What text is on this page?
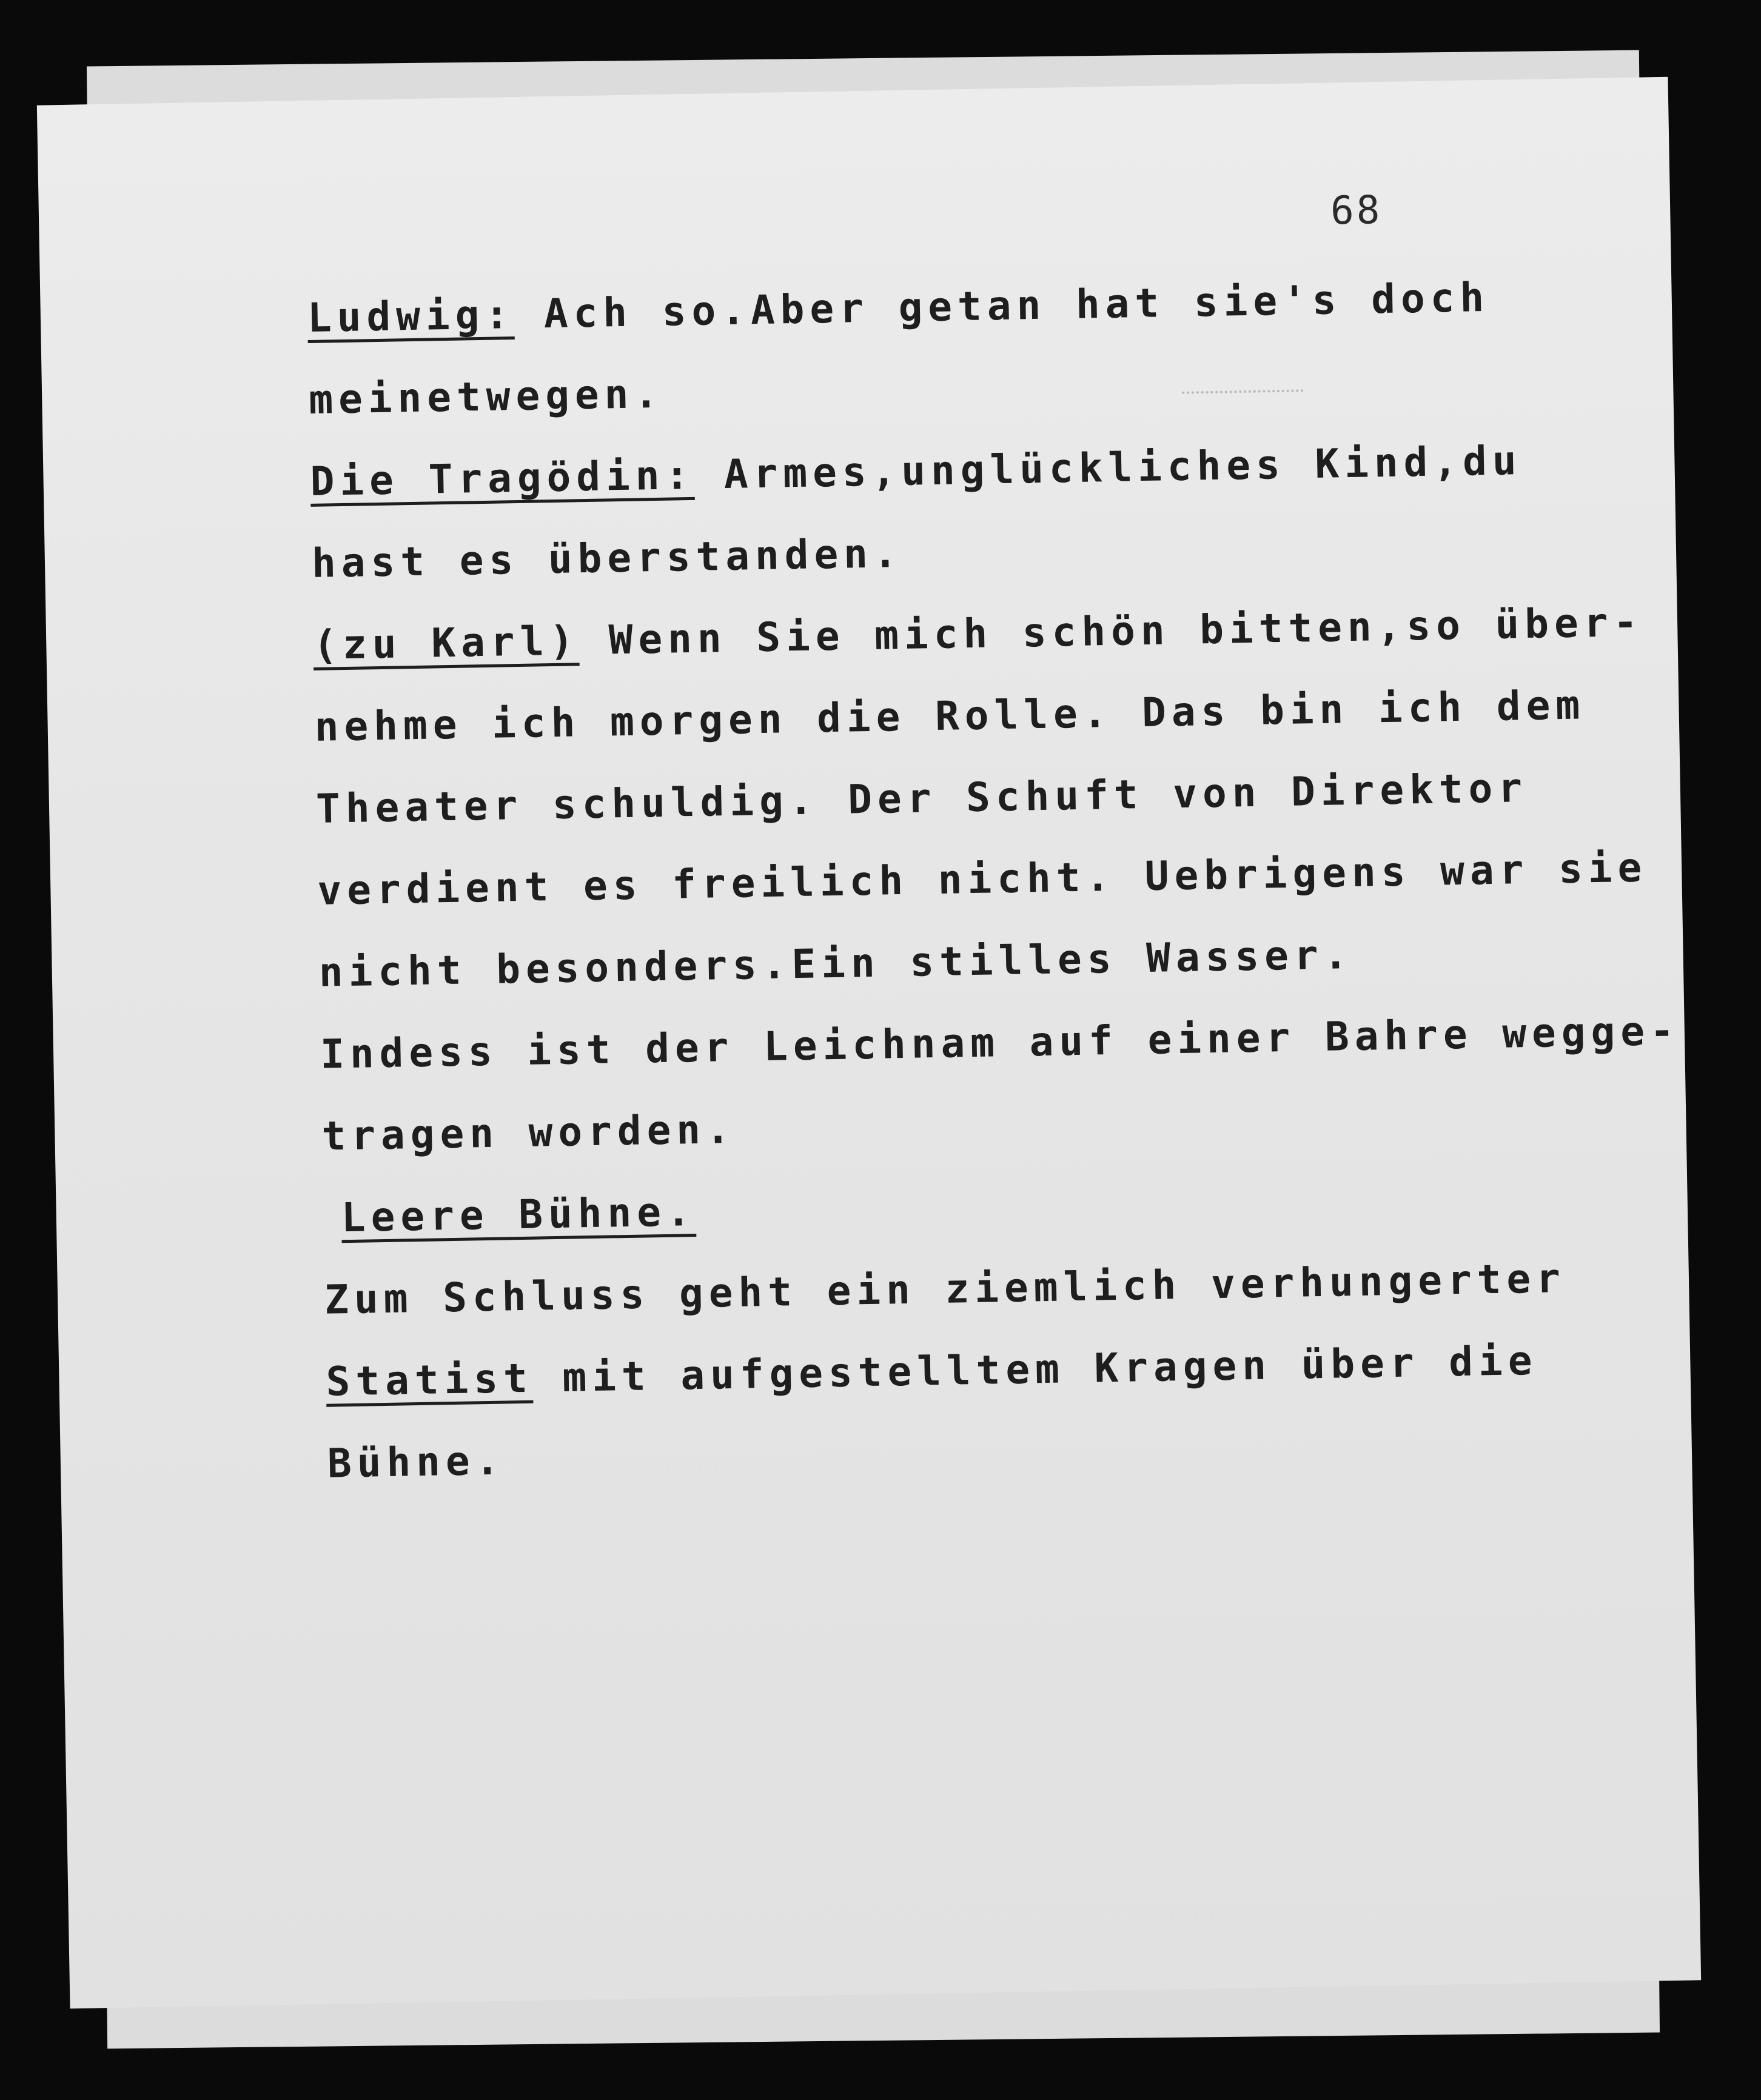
68
Ludwig: Ach so.Aber getan hat sie's doch
meinetwegen.
Die Tragödin: Armes,unglückliches Kind,du
hast es überstanden.
(zu Karl) Wenn Sie mich schön bitten,so über-
nehme ich morgen die Rolle. Das bin ich dem
Theater schuldig. Der Schuft von Direktor
verdient es freilich nicht. Uebrigens war sie
nicht besonders.Ein stilles Wasser.
Indess ist der Leichnam auf einer Bahre wegge-
tragen worden.
Leere Bühne.
Zum Schluss geht ein ziemlich verhungerter
Statist mit aufgestelltem Kragen über die
Bühne.
